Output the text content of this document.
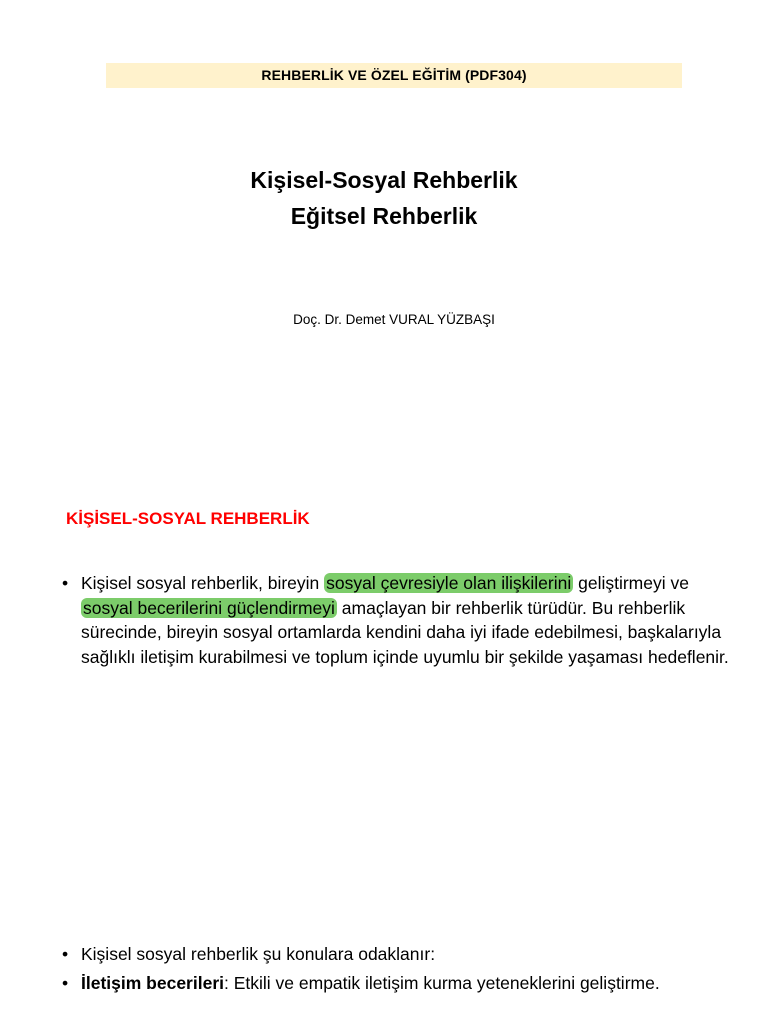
REHBERLİK VE ÖZEL EĞİTİM (PDF304)
Kişisel-Sosyal Rehberlik
Eğitsel Rehberlik
Doç. Dr. Demet VURAL YÜZBAŞI
KİŞİSEL-SOSYAL REHBERLİK
• Kişisel sosyal rehberlik, bireyin sosyal çevresiyle olan ilişkilerini geliştirmeyi ve sosyal becerilerini güçlendirmeyi amaçlayan bir rehberlik türüdür. Bu rehberlik sürecinde, bireyin sosyal ortamlarda kendini daha iyi ifade edebilmesi, başkalarıyla sağlıklı iletişim kurabilmesi ve toplum içinde uyumlu bir şekilde yaşaması hedeflenir.
• Kişisel sosyal rehberlik şu konulara odaklanır:
• İletişim becerileri: Etkili ve empatik iletişim kurma yeteneklerini geliştirme.
